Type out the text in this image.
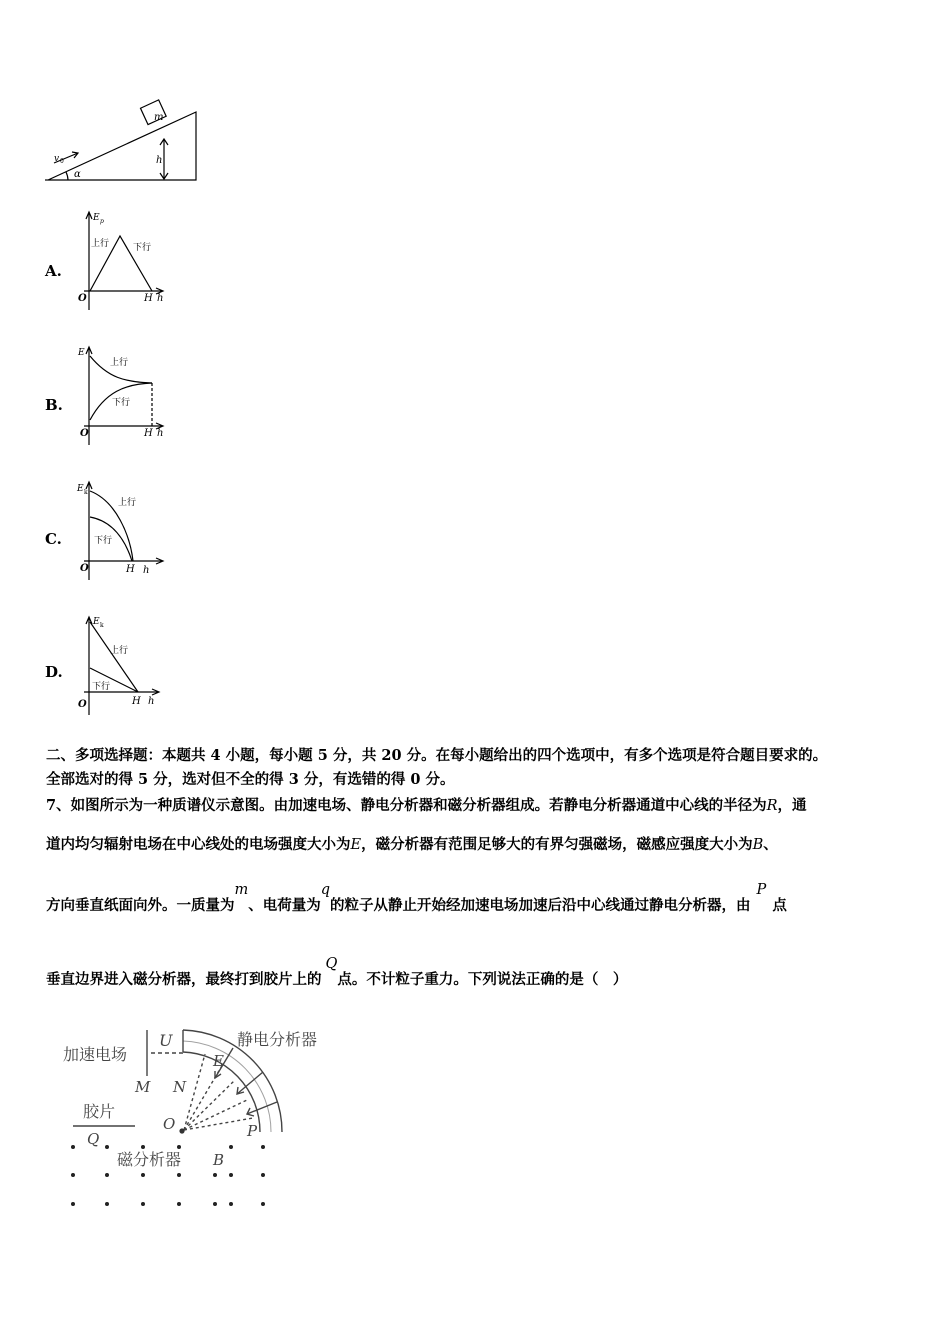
m
h
v 0
α
A.
E p
上行	下行
O	H h
B.
E
上行
下行
O	H h
C.
E k
上行
下行
O	H h
D.
E k
上行
下行
O	H h
二、多项选择题：本题共 4 小题，每小题 5 分，共 20 分。在每小题给出的四个选项中，有多个选项是符合题目要求的。
全部选对的得 5 分，选对但不全的得 3 分，有选错的得 0 分。
7、如图所示为一种质谱仪示意图。由加速电场、静电分析器和磁分析器组成。若静电分析器通道中心线的半径为R，通
道内均匀辐射电场在中心线处的电场强度大小为E，磁分析器有范围足够大的有界匀强磁场，磁感应强度大小为B、
方向垂直纸面向外。一质量为m、电荷量为q的粒子从静止开始经加速电场加速后沿中心线通过静电分析器，由P点
垂直边界进入磁分析器，最终打到胶片上的Q点。不计粒子重力。下列说法正确的是（　）
加速电场
U
M N
静电分析器
E
O	P
胶片
Q
磁分析器 B
